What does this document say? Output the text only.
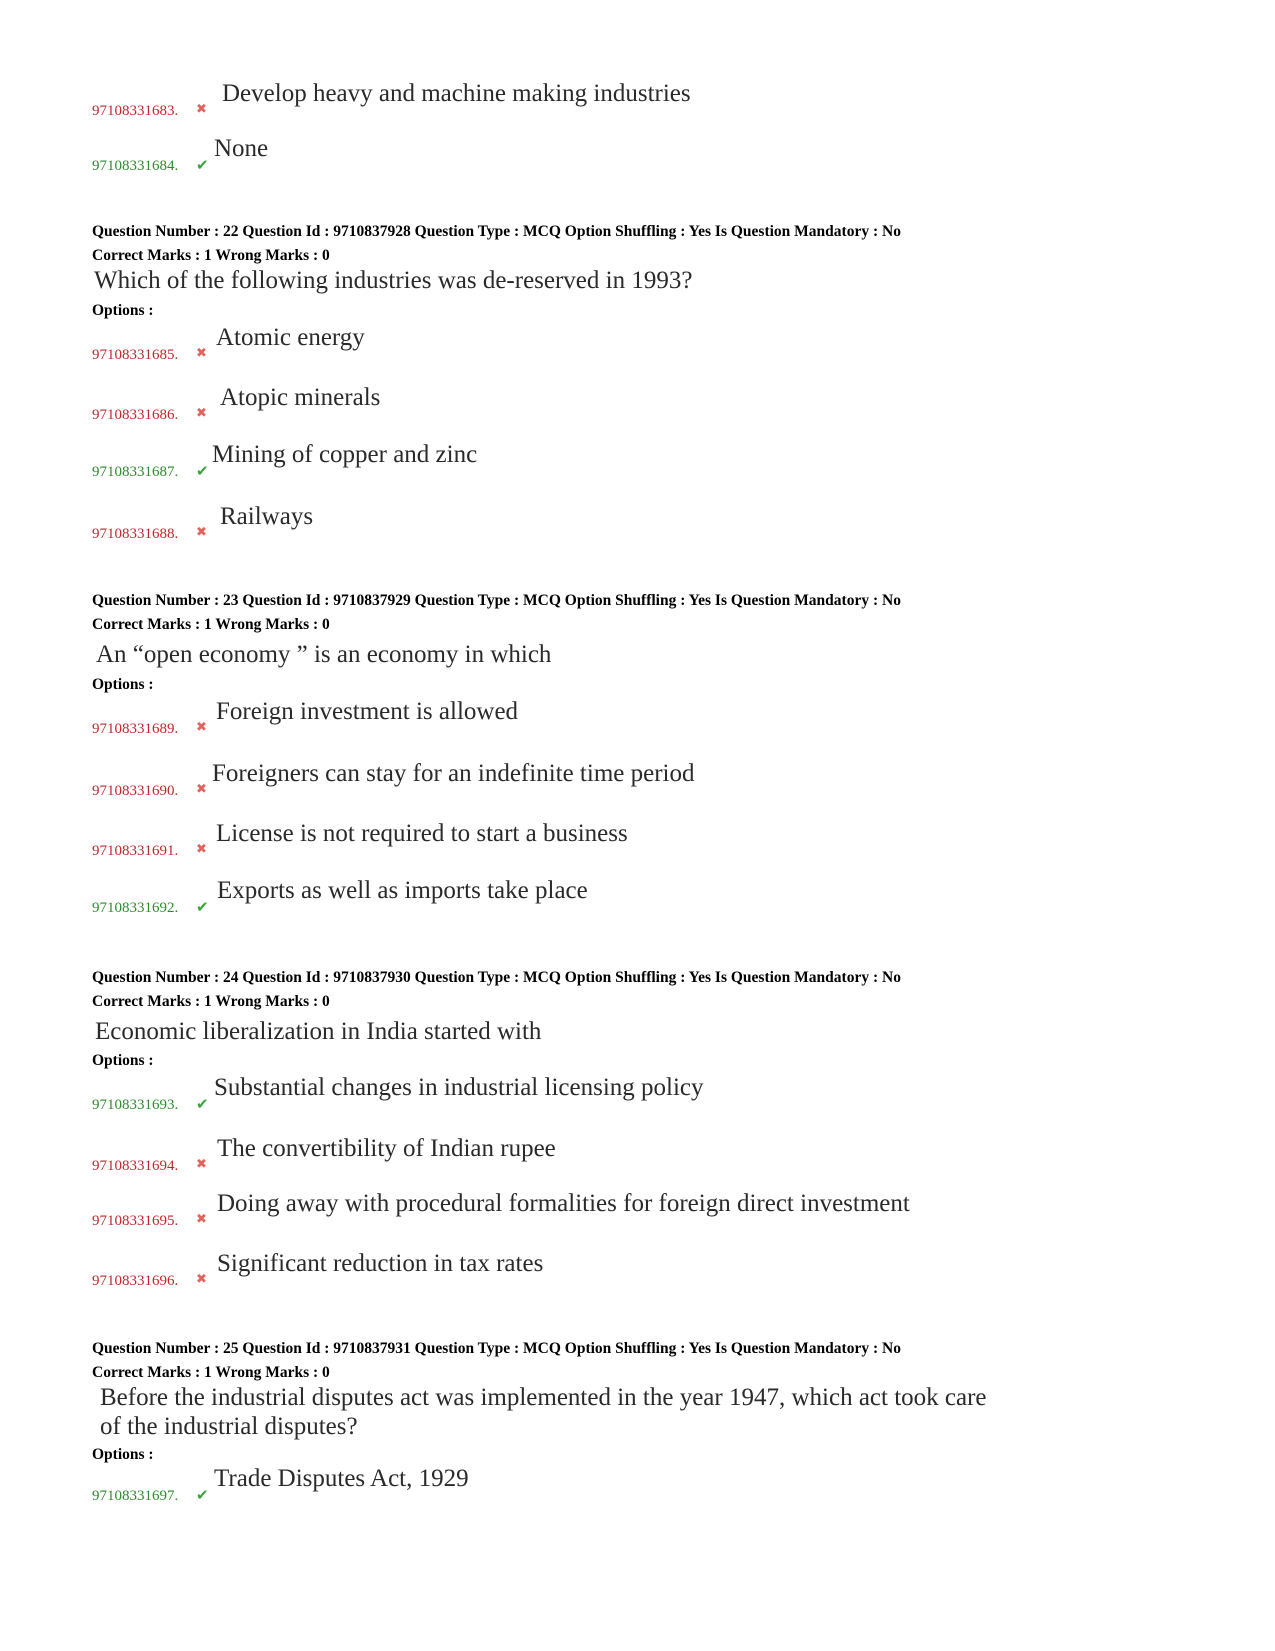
97108331683. ✖
Develop heavy and machine making industries
97108331684. ✔
None
Question Number : 22 Question Id : 9710837928 Question Type : MCQ Option Shuffling : Yes Is Question Mandatory : No
Correct Marks : 1 Wrong Marks : 0
Which of the following industries was de-reserved in 1993?
Options :
97108331685. ✖
Atomic energy
97108331686. ✖
Atopic minerals
97108331687. ✔
Mining of copper and zinc
97108331688. ✖
Railways
Question Number : 23 Question Id : 9710837929 Question Type : MCQ Option Shuffling : Yes Is Question Mandatory : No
Correct Marks : 1 Wrong Marks : 0
An “open economy ” is an economy in which
Options :
97108331689. ✖
Foreign investment is allowed
97108331690. ✖
Foreigners can stay for an indefinite time period
97108331691. ✖
License is not required to start a business
97108331692. ✔
Exports as well as imports take place
Question Number : 24 Question Id : 9710837930 Question Type : MCQ Option Shuffling : Yes Is Question Mandatory : No
Correct Marks : 1 Wrong Marks : 0
Economic liberalization in India started with
Options :
97108331693. ✔
Substantial changes in industrial licensing policy
97108331694. ✖
The convertibility of Indian rupee
97108331695. ✖
Doing away with procedural formalities for foreign direct investment
97108331696. ✖
Significant reduction in tax rates
Question Number : 25 Question Id : 9710837931 Question Type : MCQ Option Shuffling : Yes Is Question Mandatory : No
Correct Marks : 1 Wrong Marks : 0
Before the industrial disputes act was implemented in the year 1947, which act took care
of the industrial disputes?
Options :
97108331697. ✔
Trade Disputes Act, 1929
